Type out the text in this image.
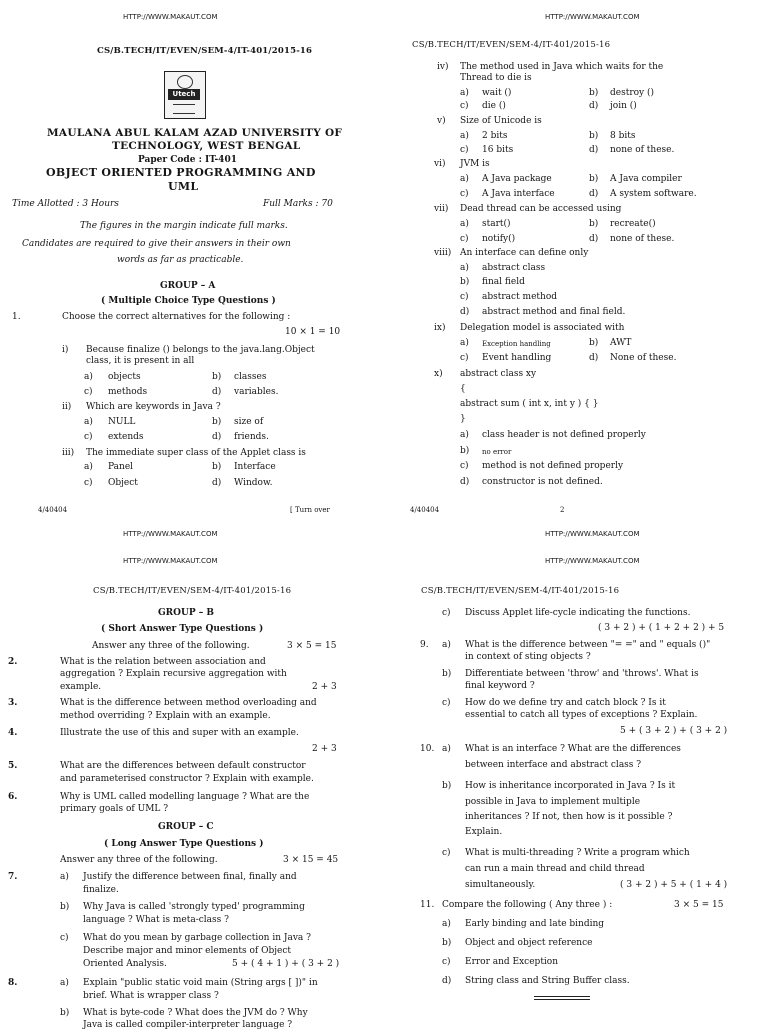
HTTP://WWW.MAKAUT.COM
CS/B.TECH/IT/EVEN/SEM-4/IT-401/2015-16
Utech
MAULANA ABUL KALAM AZAD UNIVERSITY OF
TECHNOLOGY, WEST BENGAL
Paper Code : IT-401
OBJECT ORIENTED PROGRAMMING AND
UML
Time Allotted : 3 Hours	Full Marks : 70
The figures in the margin indicate full marks.
Candidates are required to give their answers in their own
words as far as practicable.
GROUP – A
( Multiple Choice Type Questions )
1.	Choose the correct alternatives for the following :
10 × 1 = 10
i) Because finalize () belongs to the java.lang.Object
class, it is present in all
a) objects	b) classes
c) methods	d) variables.
ii) Which are keywords in Java ?
a) NULL	b) size of
c) extends	d) friends.
iii) The immediate super class of the Applet class is
a) Panel	b) Interface
c) Object	d) Window.
4/40404	[ Turn over
HTTP://WWW.MAKAUT.COM
CS/B.TECH/IT/EVEN/SEM-4/IT-401/2015-16
iv) The method used in Java which waits for the
Thread to die is
a) wait ()	b) destroy ()
c) die ()	d) join ()
v) Size of Unicode is
a) 2 bits	b) 8 bits
c) 16 bits	d) none of these.
vi) JVM is
a) A Java package	b) A Java compiler
c) A Java interface	d) A system software.
vii) Dead thread can be accessed using
a) start()	b) recreate()
c) notify()	d) none of these.
viii) An interface can define only
a) abstract class
b) final field
c) abstract method
d) abstract method and final field.
ix) Delegation model is associated with
a) Exception handling	b) AWT
c) Event handling	d) None of these.
x) abstract class xy
{
abstract sum ( int x, int y ) { }
}
a) class header is not defined properly
b) no error
c) method is not defined properly
d) constructor is not defined.
4/40404	2
HTTP://WWW.MAKAUT.COM
HTTP://WWW.MAKAUT.COM
CS/B.TECH/IT/EVEN/SEM-4/IT-401/2015-16
GROUP – B
( Short Answer Type Questions )
Answer any three of the following.	3 × 5 = 15
2.	What is the relation between association and
aggregation ? Explain recursive aggregation with
example.	2 + 3
3.	What is the difference between method overloading and
method overriding ? Explain with an example.
4.	Illustrate the use of this and super with an example.
2 + 3
5.	What are the differences between default constructor
and parameterised constructor ? Explain with example.
6.	Why is UML called modelling language ? What are the
primary goals of UML ?
GROUP – C
( Long Answer Type Questions )
Answer any three of the following.	3 × 15 = 45
7.	a) Justify the difference between final, finally and
finalize.
b) Why Java is called 'strongly typed' programming
language ? What is meta-class ?
c) What do you mean by garbage collection in Java ?
Describe major and minor elements of Object
Oriented Analysis.	5 + ( 4 + 1 ) + ( 3 + 2 )
8.	a) Explain "public static void main (String args [ ])" in
brief. What is wrapper class ?
b) What is byte-code ? What does the JVM do ? Why
Java is called compiler-interpreter language ?
HTTP://WWW.MAKAUT.COM
HTTP://WWW.MAKAUT.COM
CS/B.TECH/IT/EVEN/SEM-4/IT-401/2015-16
c) Discuss Applet life-cycle indicating the functions.
( 3 + 2 ) + ( 1 + 2 + 2 ) + 5
9. a) What is the difference between "= =" and " equals ()"
in context of sting objects ?
b) Differentiate between 'throw' and 'throws'. What is
final keyword ?
c) How do we define try and catch block ? Is it
essential to catch all types of exceptions ? Explain.
5 + ( 3 + 2 ) + ( 3 + 2 )
10. a) What is an interface ? What are the differences
between interface and abstract class ?
b) How is inheritance incorporated in Java ? Is it
possible in Java to implement multiple
inheritances ? If not, then how is it possible ?
Explain.
c) What is multi-threading ? Write a program which
can run a main thread and child thread
simultaneously.	( 3 + 2 ) + 5 + ( 1 + 4 )
11. Compare the following ( Any three ) :	3 × 5 = 15
a) Early binding and late binding
b) Object and object reference
c) Error and Exception
d) String class and String Buffer class.
